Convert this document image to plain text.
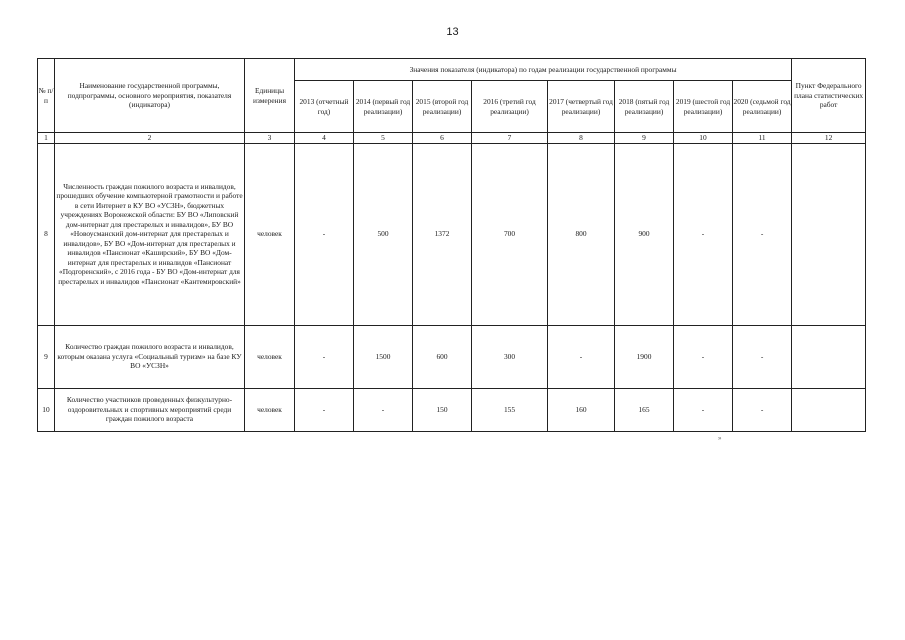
13
№ п/п	Наименование государственной программы, подпрограммы, основного мероприятия, показателя (индикатора)	Единицы измерения	Значения показателя (индикатора) по годам реализации государственной программы								Пункт Федерального плана статистических работ
			2013 (отчетный год)	2014 (первый год реализации)	2015 (второй год реализации)	2016 (третий год реализации)	2017 (четвертый год реализации)	2018 (пятый год реализации)	2019 (шестой год реализации)	2020 (седьмой год реализации)	
1	2	3	4	5	6	7	8	9	10	11	12
8	Численность граждан пожилого возраста и инвалидов, прошедших обучение компьютерной грамотности и работе в сети Интернет в КУ ВО «УСЗН», бюджетных учреждениях Воронежской области: БУ ВО «Липовский дом-интернат для престарелых и инвалидов», БУ ВО «Новоусманский дом-интернат для престарелых и инвалидов», БУ ВО «Дом-интернат для престарелых и инвалидов «Пансионат «Каширский», БУ ВО «Дом-интернат для престарелых и инвалидов «Пансионат «Подгоренский», с 2016 года - БУ ВО «Дом-интернат для престарелых и инвалидов «Пансионат «Кантемировский»	человек	-	500	1372	700	800	900	-	-	
9	Количество граждан пожилого возраста и инвалидов, которым оказана услуга «Социальный туризм» на базе КУ ВО «УСЗН»	человек	-	1500	600	300	-	1900	-	-	
10	Количество участников проведенных физкультурно-оздоровительных и спортивных мероприятий среди граждан пожилого возраста	человек	-	-	150	155	160	165	-	-	
»
